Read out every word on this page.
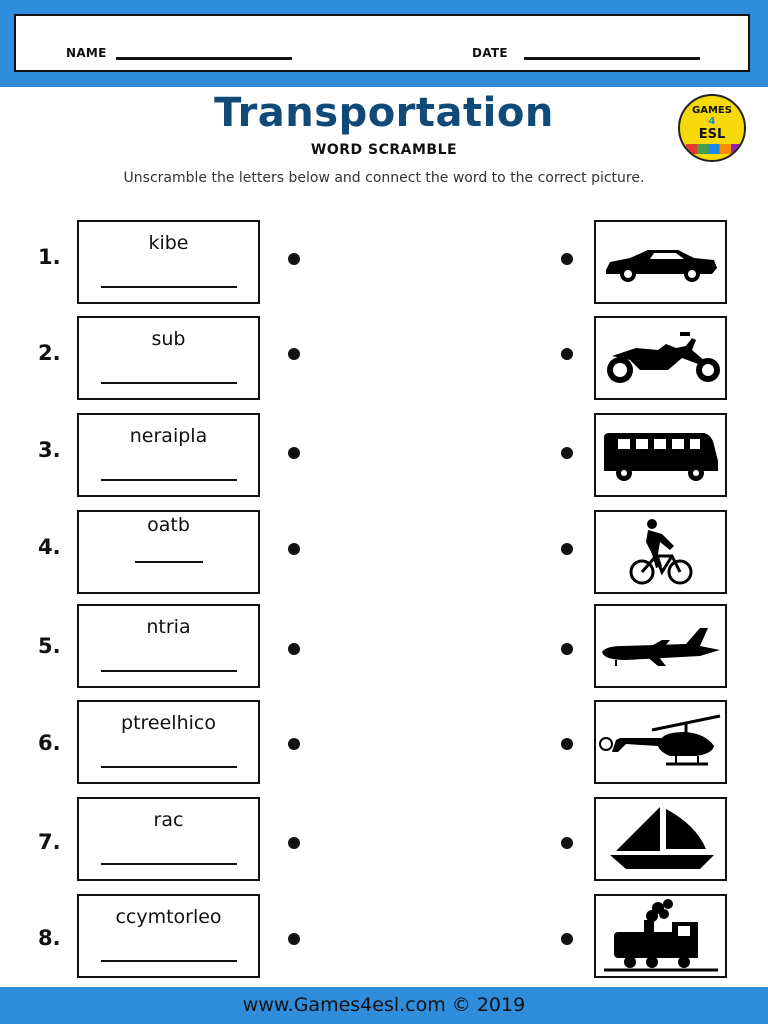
NAME	DATE
Transportation
WORD SCRAMBLE
Unscramble the letters below and connect the word to the correct picture.
GAMES
4
ESL
1.
kibe
2.
sub
3.
neraipla
4.
oatb
5.
ntria
6.
ptreelhico
7.
rac
8.
ccymtorleo
www.Games4esl.com © 2019
